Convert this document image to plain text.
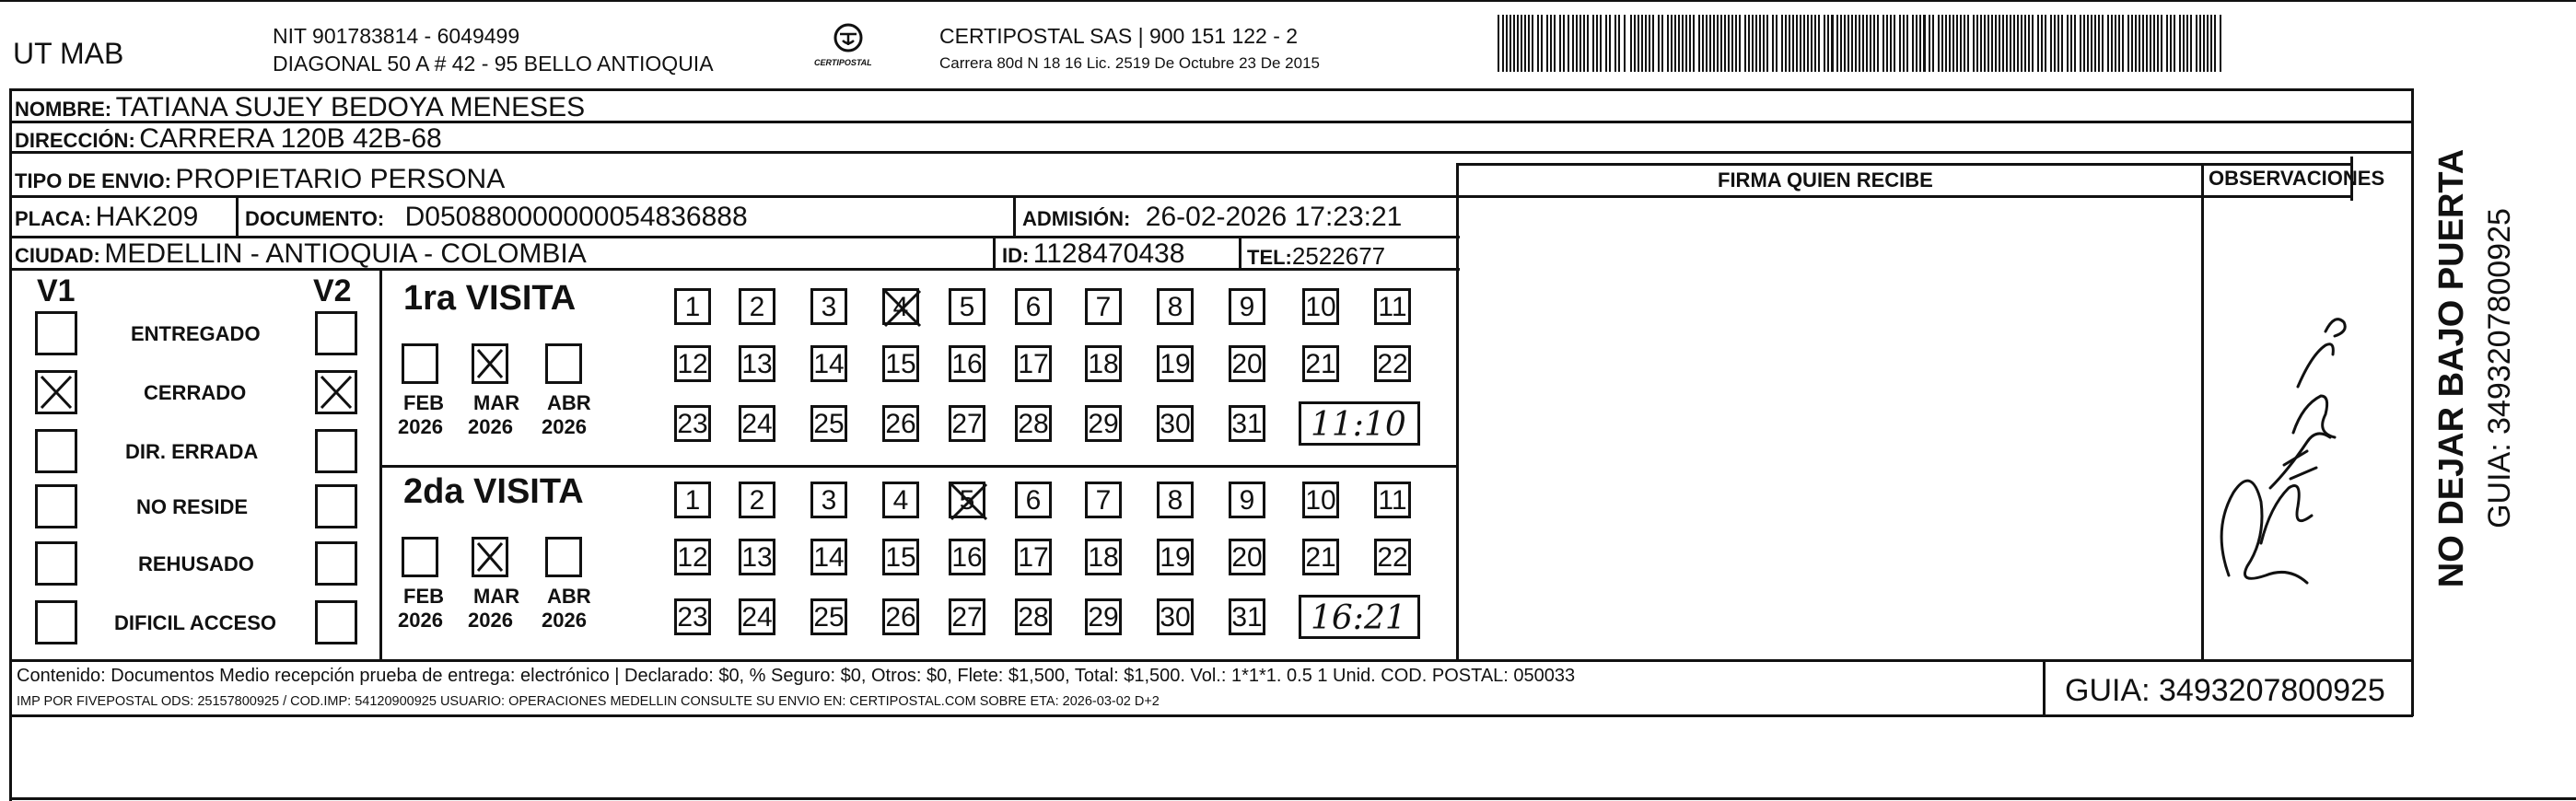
UT MAB
NIT 901783814 - 6049499
DIAGONAL 50 A # 42 - 95 BELLO ANTIOQUIA	CERTIPOSTAL
CERTIPOSTAL SAS | 900 151 122 - 2
Carrera 80d N 18 16 Lic. 2519 De Octubre 23 De 2015
NOMBRE: TATIANA SUJEY BEDOYA MENESES
DIRECCIÓN: CARRERA 120B 42B-68
TIPO DE ENVIO: PROPIETARIO PERSONA
PLACA: HAK209 DOCUMENTO: D050880000000054836888	ADMISIÓN: 26-02-2026 17:23:21
CIUDAD: MEDELLIN - ANTIOQUIA - COLOMBIA	ID: 1128470438	TEL:2522677
FIRMA QUIEN RECIBE	OBSERVACIONES
V1	V2
ENTREGADO
CERRADO
DIR. ERRADA
NO RESIDE
REHUSADO
DIFICIL ACCESO
1ra VISITA
FEB
2026
MAR
2026
ABR
2026
1	2	3	4	5	6	7	8	9	10 11
12 13 14 15 16 17 18 19 20 21 22
23 24 25 26 27 28 29 30 31 11:10
2da VISITA
FEB
2026
MAR
2026
ABR
2026
1	2	3	4	5	6	7	8	9	10 11
12 13 14 15 16 17 18 19 20 21 22
23 24 25 26 27 28 29 30 31 16:21
NO DEJAR BAJO PUERTA GUIA: 3493207800925
Contenido: Documentos Medio recepción prueba de entrega: electrónico | Declarado: $0, % Seguro: $0, Otros: $0, Flete: $1,500, Total: $1,500. Vol.: 1*1*1. 0.5 1 Unid. COD. POSTAL: 050033
IMP POR FIVEPOSTAL ODS: 25157800925 / COD.IMP: 54120900925 USUARIO: OPERACIONES MEDELLIN CONSULTE SU ENVIO EN: CERTIPOSTAL.COM SOBRE ETA: 2026-03-02 D+2	GUIA: 3493207800925
